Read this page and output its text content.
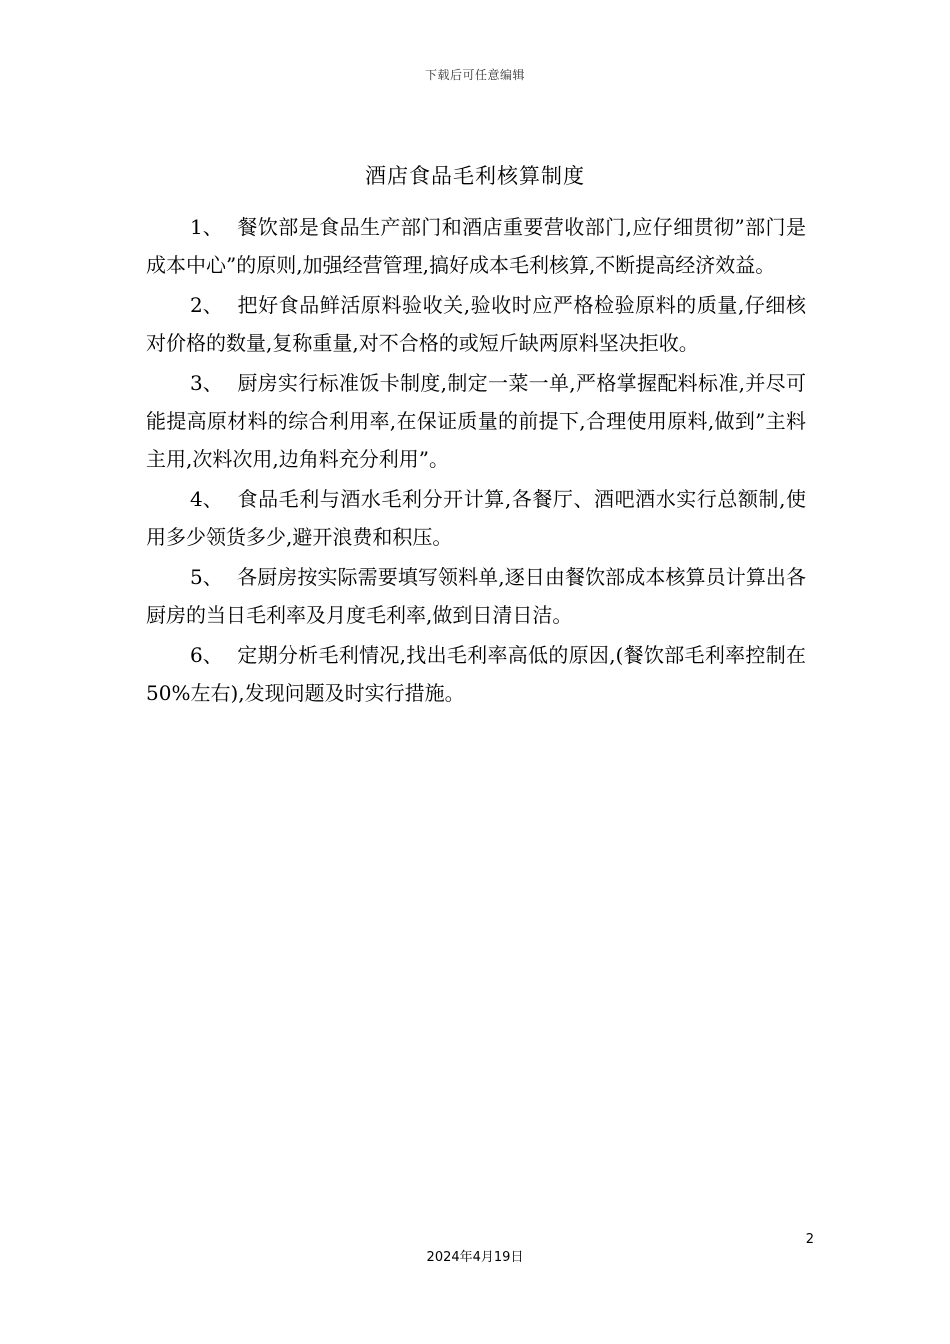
下载后可任意编辑
酒店食品毛利核算制度

1、 餐饮部是食品生产部门和酒店重要营收部门,应仔细贯彻”部门是成本中心”的原则,加强经营管理,搞好成本毛利核算,不断提高经济效益。

2、 把好食品鲜活原料验收关,验收时应严格检验原料的质量,仔细核对价格的数量,复称重量,对不合格的或短斤缺两原料坚决拒收。

3、 厨房实行标准饭卡制度,制定一菜一单,严格掌握配料标准,并尽可能提高原材料的综合利用率,在保证质量的前提下,合理使用原料,做到”主料主用,次料次用,边角料充分利用”。

4、 食品毛利与酒水毛利分开计算,各餐厅、酒吧酒水实行总额制,使用多少领货多少,避开浪费和积压。

5、 各厨房按实际需要填写领料单,逐日由餐饮部成本核算员计算出各厨房的当日毛利率及月度毛利率,做到日清日洁。

6、 定期分析毛利情况,找出毛利率高低的原因,(餐饮部毛利率控制在50%左右),发现问题及时实行措施。

2
2024年4月19日
